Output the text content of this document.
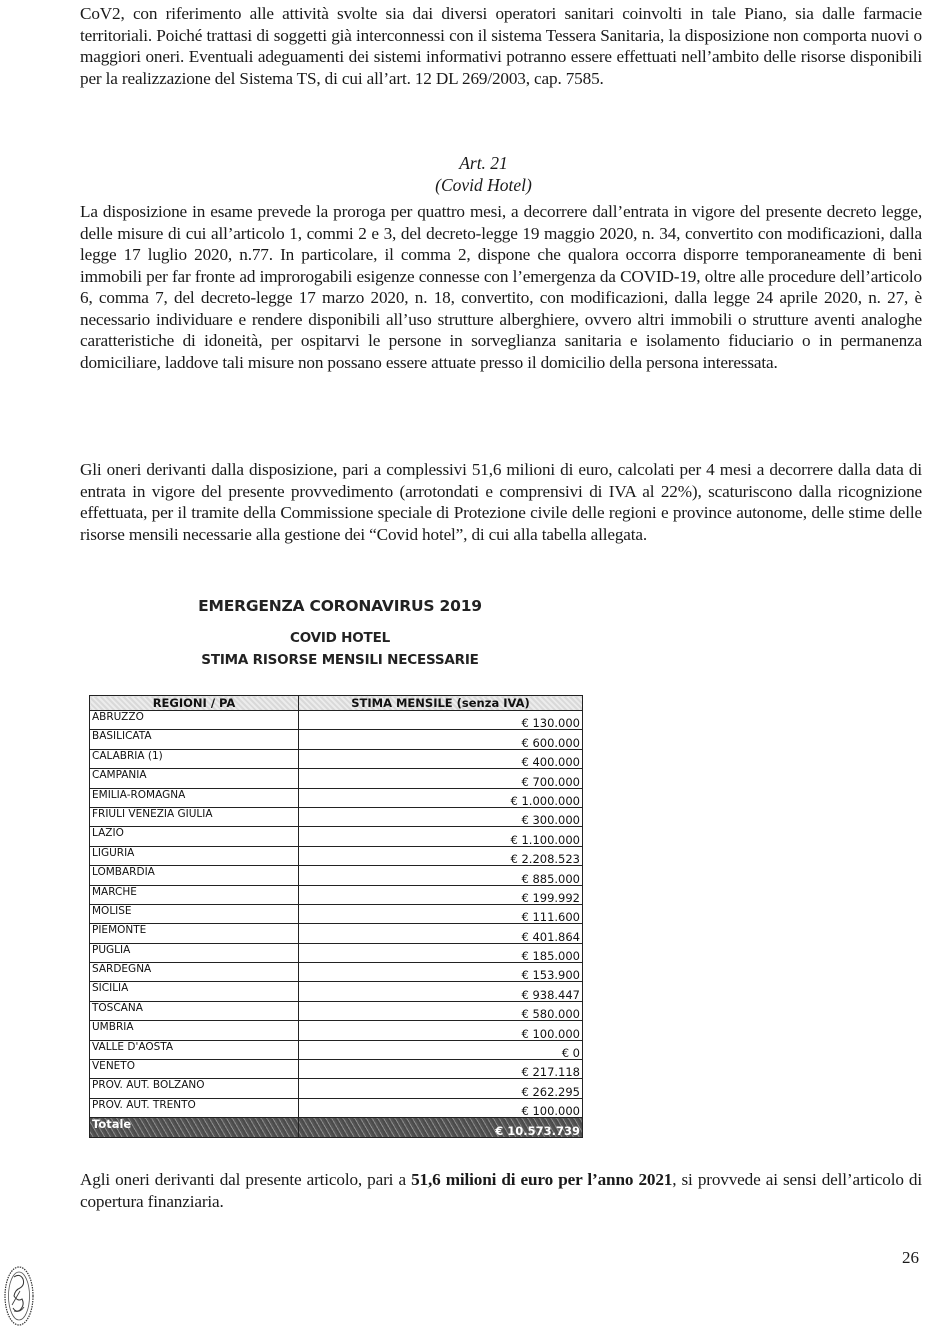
CoV2, con riferimento alle attività svolte sia dai diversi operatori sanitari coinvolti in tale Piano, sia dalle farmacie territoriali. Poiché trattasi di soggetti già interconnessi con il sistema Tessera Sanitaria, la disposizione non comporta nuovi o maggiori oneri. Eventuali adeguamenti dei sistemi informativi potranno essere effettuati nell’ambito delle risorse disponibili per la realizzazione del Sistema TS, di cui all’art. 12 DL 269/2003, cap. 7585.

Art. 21
(Covid Hotel)

La disposizione in esame prevede la proroga per quattro mesi, a decorrere dall’entrata in vigore del presente decreto legge, delle misure di cui all’articolo 1, commi 2 e 3, del decreto-legge 19 maggio 2020, n. 34, convertito con modificazioni, dalla legge 17 luglio 2020, n.77. In particolare, il comma 2, dispone che qualora occorra disporre temporaneamente di beni immobili per far fronte ad improrogabili esigenze connesse con l’emergenza da COVID-19, oltre alle procedure dell’articolo 6, comma 7, del decreto-legge 17 marzo 2020, n. 18, convertito, con modificazioni, dalla legge 24 aprile 2020, n. 27, è necessario individuare e rendere disponibili all’uso strutture alberghiere, ovvero altri immobili o strutture aventi analoghe caratteristiche di idoneità, per ospitarvi le persone in sorveglianza sanitaria e isolamento fiduciario o in permanenza domiciliare, laddove tali misure non possano essere attuate presso il domicilio della persona interessata.

Gli oneri derivanti dalla disposizione, pari a complessivi 51,6 milioni di euro, calcolati per 4 mesi a decorrere dalla data di entrata in vigore del presente provvedimento (arrotondati e comprensivi di IVA al 22%), scaturiscono dalla ricognizione effettuata, per il tramite della Commissione speciale di Protezione civile delle regioni e province autonome, delle stime delle risorse mensili necessarie alla gestione dei “Covid hotel”, di cui alla tabella allegata.

EMERGENZA CORONAVIRUS 2019
COVID HOTEL
STIMA RISORSE MENSILI NECESSARIE
REGIONI / PA	STIMA MENSILE (senza IVA)
ABRUZZO	€ 130.000
BASILICATA	€ 600.000
CALABRIA (1)	€ 400.000
CAMPANIA	€ 700.000
EMILIA-ROMAGNA	€ 1.000.000
FRIULI VENEZIA GIULIA	€ 300.000
LAZIO	€ 1.100.000
LIGURIA	€ 2.208.523
LOMBARDIA	€ 885.000
MARCHE	€ 199.992
MOLISE	€ 111.600
PIEMONTE	€ 401.864
PUGLIA	€ 185.000
SARDEGNA	€ 153.900
SICILIA	€ 938.447
TOSCANA	€ 580.000
UMBRIA	€ 100.000
VALLE D'AOSTA	€ 0
VENETO	€ 217.118
PROV. AUT. BOLZANO	€ 262.295
PROV. AUT. TRENTO	€ 100.000
Totale	€ 10.573.739

Agli oneri derivanti dal presente articolo, pari a 51,6 milioni di euro per l’anno 2021, si provvede ai sensi dell’articolo di copertura finanziaria.

26
